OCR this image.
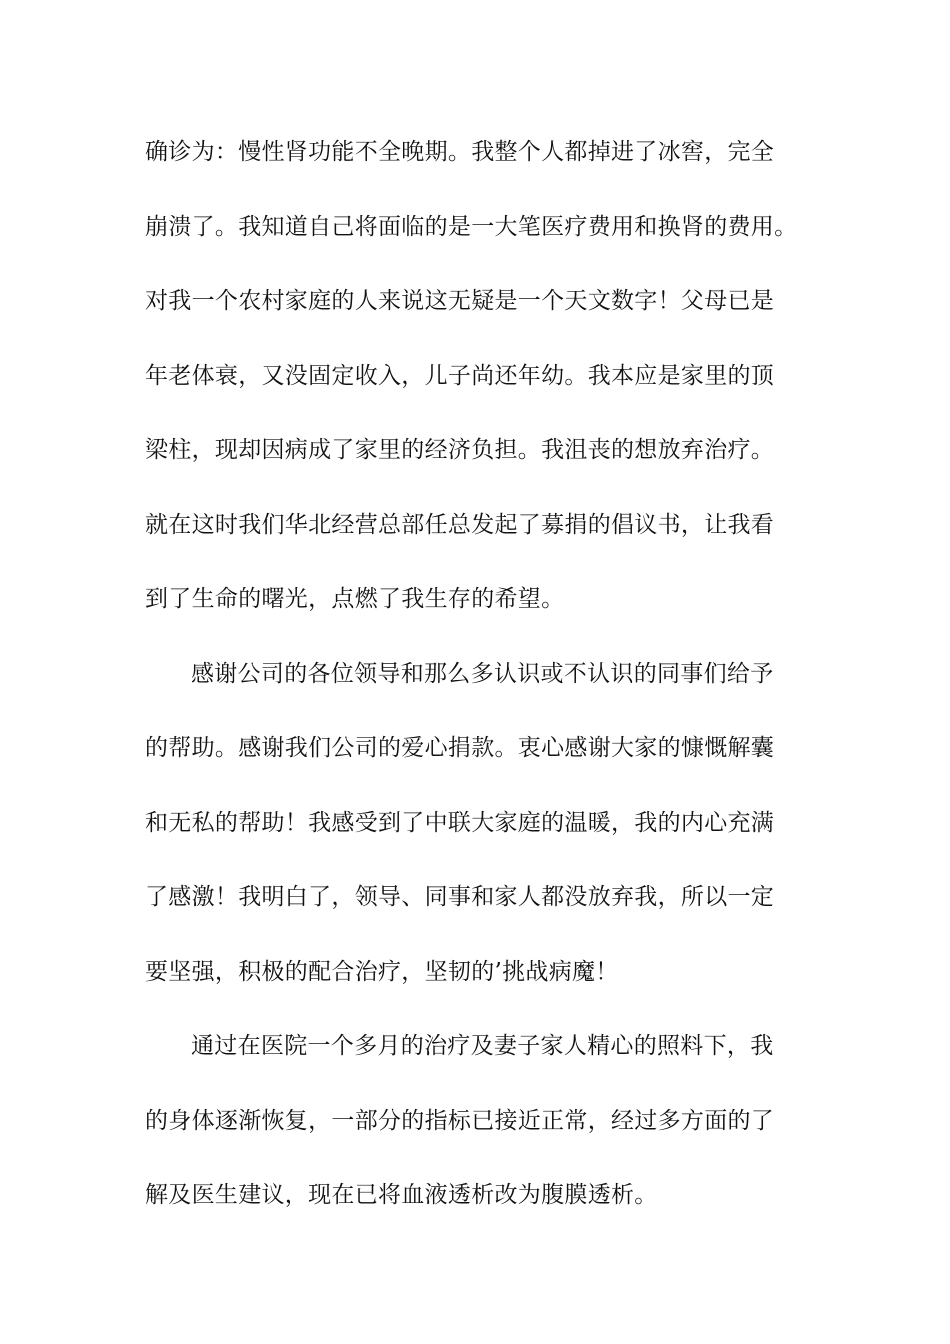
确诊为：慢性肾功能不全晚期。我整个人都掉进了冰窖，完全
崩溃了。我知道自己将面临的是一大笔医疗费用和换肾的费用。
对我一个农村家庭的人来说这无疑是一个天文数字！父母已是
年老体衰，又没固定收入，儿子尚还年幼。我本应是家里的顶
梁柱，现却因病成了家里的经济负担。我沮丧的想放弃治疗。
就在这时我们华北经营总部任总发起了募捐的倡议书，让我看
到了生命的曙光，点燃了我生存的希望。
感谢公司的各位领导和那么多认识或不认识的同事们给予
的帮助。感谢我们公司的爱心捐款。衷心感谢大家的慷慨解囊
和无私的帮助！我感受到了中联大家庭的温暖，我的内心充满
了感激！我明白了，领导、同事和家人都没放弃我，所以一定
要坚强，积极的配合治疗，坚韧的’挑战病魔！
通过在医院一个多月的治疗及妻子家人精心的照料下，我
的身体逐渐恢复，一部分的指标已接近正常，经过多方面的了
解及医生建议，现在已将血液透析改为腹膜透析。
